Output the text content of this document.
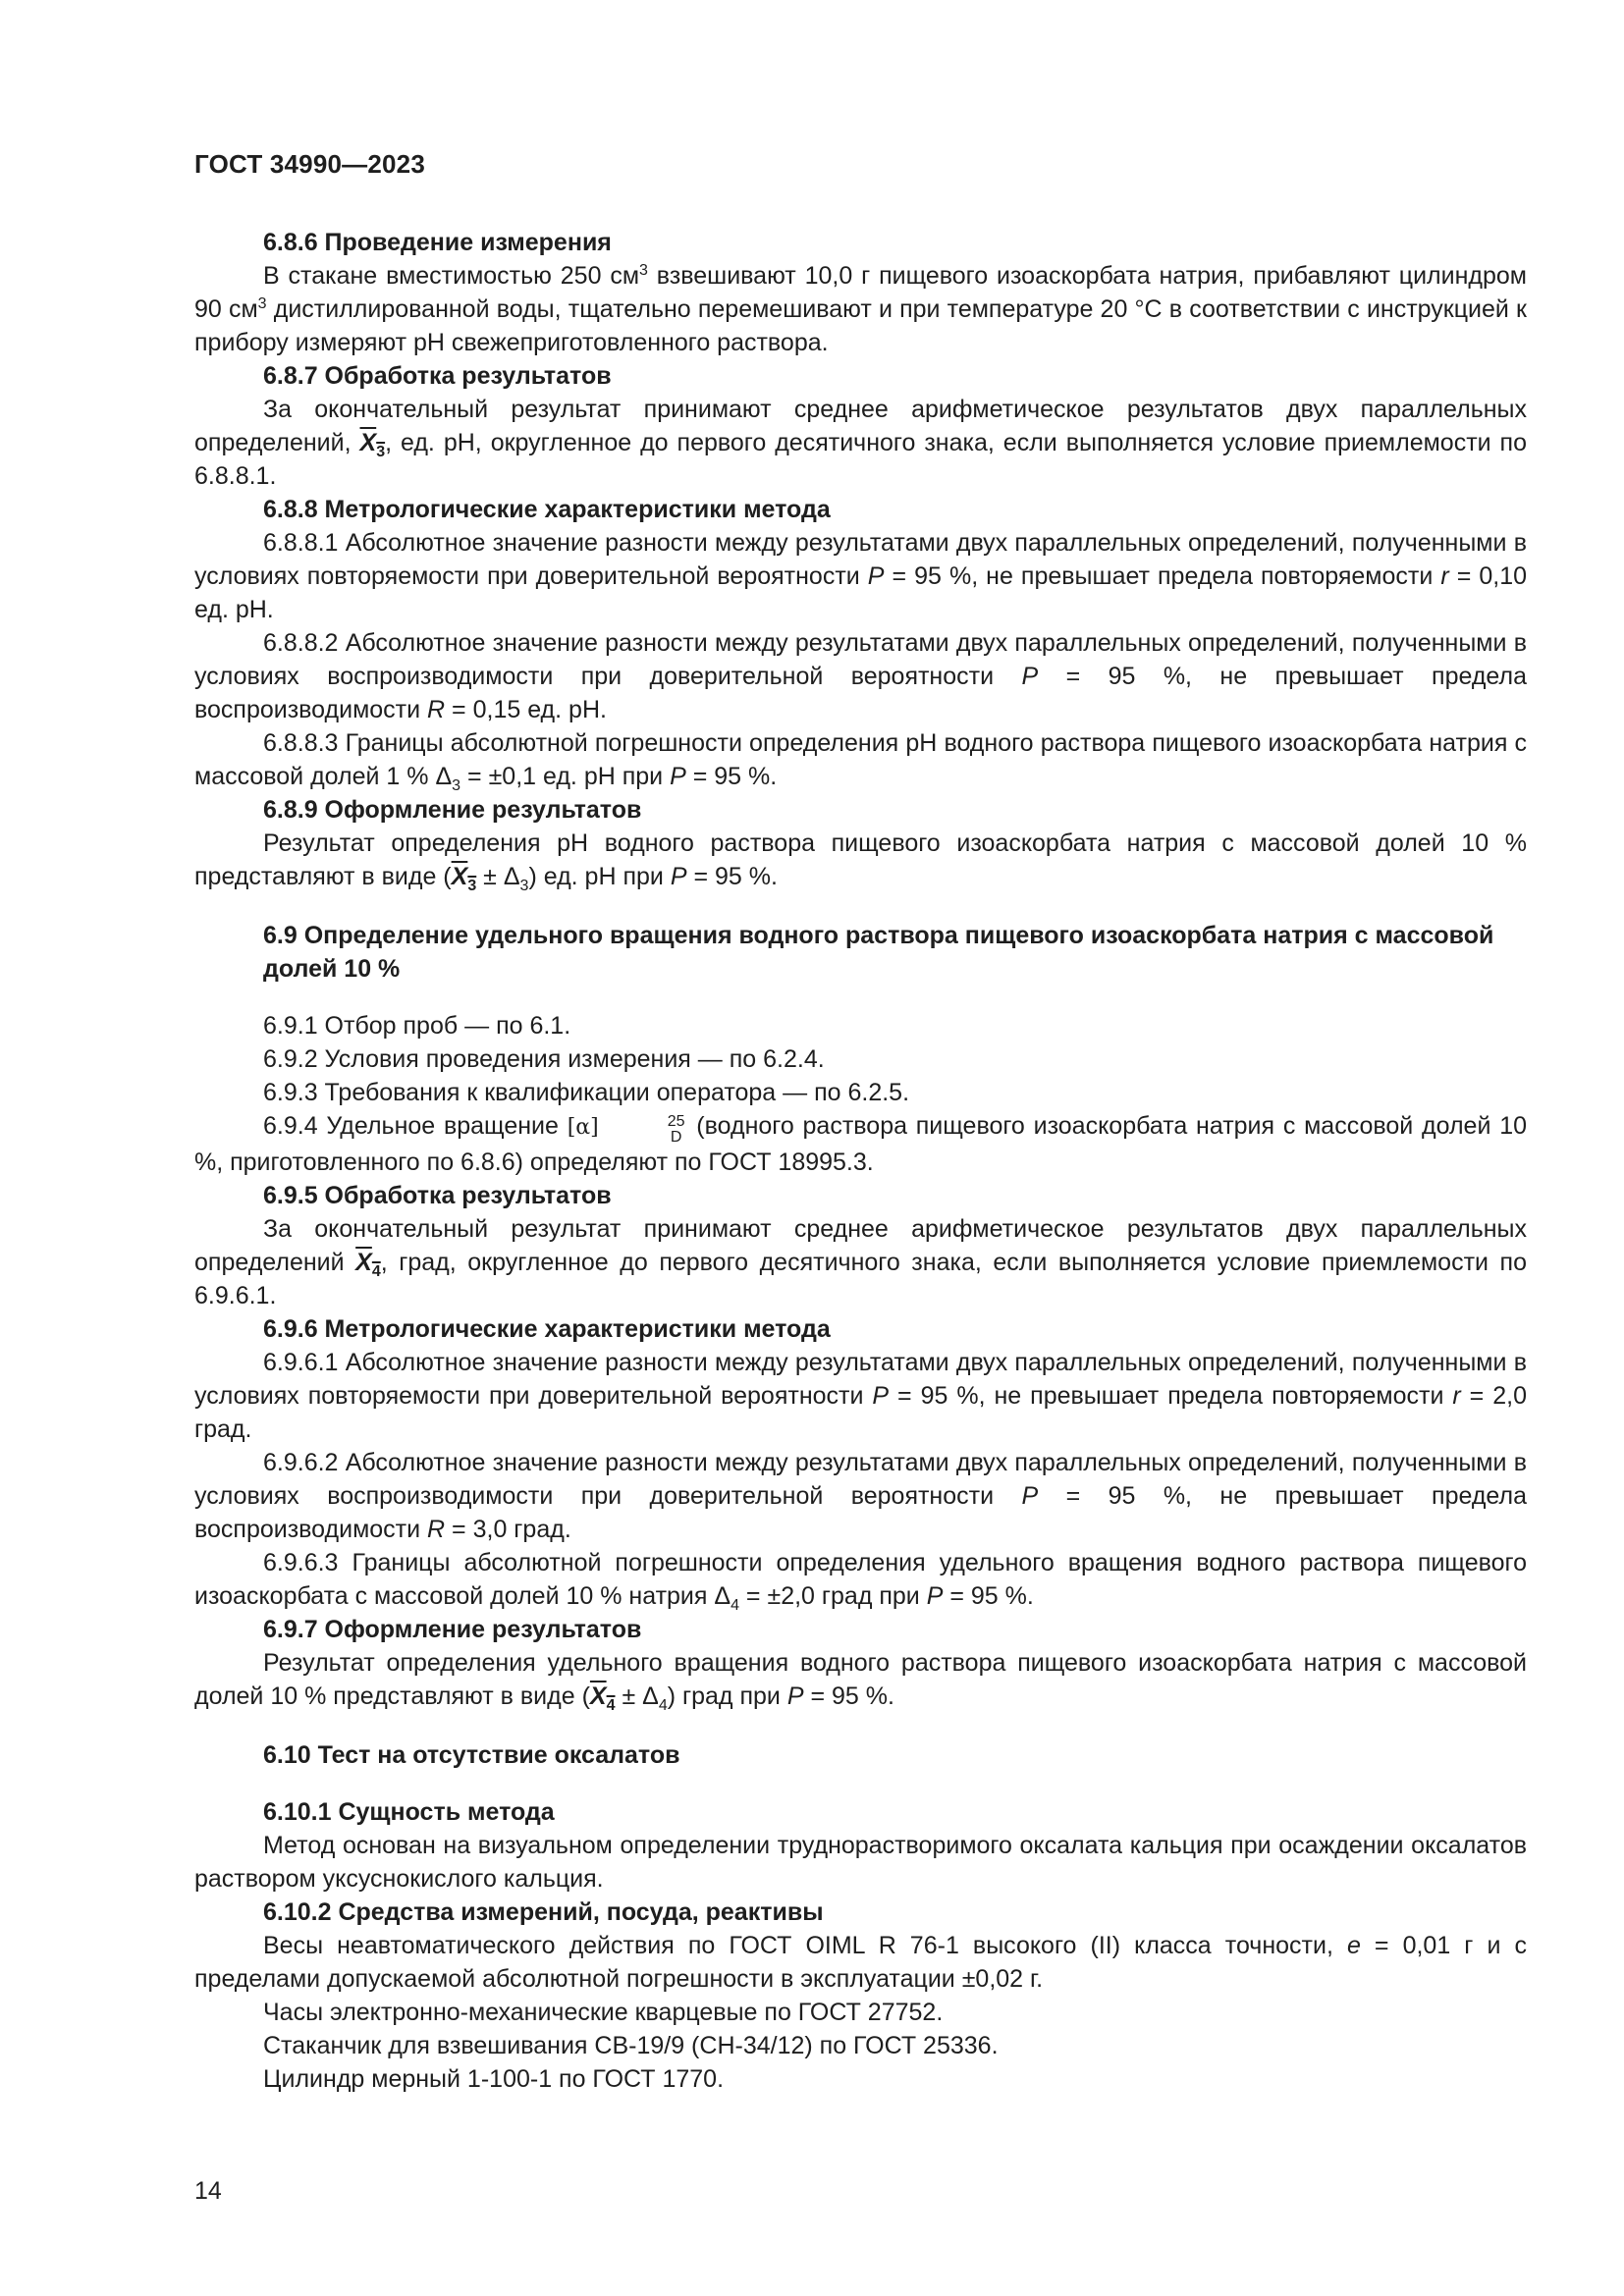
ГОСТ 34990—2023

6.8.6 Проведение измерения

В стакане вместимостью 250 $см^3$ взвешивают 10,0 г пищевого изоаскорбата натрия, прибавляют цилиндром 90 $см^3$ дистиллированной воды, тщательно перемешивают и при температуре 20 °С в соответствии с инструкцией к прибору измеряют рН свежеприготовленного раствора.

6.8.7 Обработка результатов

За окончательный результат принимают среднее арифметическое результатов двух параллельных определений, $X_3$, ед. рН, округленное до первого десятичного знака, если выполняется условие приемлемости по 6.8.8.1.

6.8.8 Метрологические характеристики метода

6.8.8.1 Абсолютное значение разности между результатами двух параллельных определений, полученными в условиях повторяемости при доверительной вероятности P = 95 %, не превышает предела повторяемости r = 0,10 ед. рН.

6.8.8.2 Абсолютное значение разности между результатами двух параллельных определений, полученными в условиях воспроизводимости при доверительной вероятности P = 95 %, не превышает предела воспроизводимости R = 0,15 ед. рН.

6.8.8.3 Границы абсолютной погрешности определения рН водного раствора пищевого изоаскорбата натрия с массовой долей 1 % $\Delta_3 = \pm 0,1$ ед. рН при P = 95 %.

6.8.9 Оформление результатов

Результат определения рН водного раствора пищевого изоаскорбата натрия с массовой долей 10 % представляют в виде $(X_3 \pm \Delta_3)$ ед. рН при P = 95 %.

6.9 Определение удельного вращения водного раствора пищевого изоаскорбата натрия с массовой долей 10 %

6.9.1 Отбор проб — по 6.1.

6.9.2 Условия проведения измерения — по 6.2.4.

6.9.3 Требования к квалификации оператора — по 6.2.5.

6.9.4 Удельное вращение [α]	25
D (водного раствора пищевого изоаскорбата натрия с массовой долей 10 %, приготовленного по 6.8.6) определяют по ГОСТ 18995.3.

6.9.5 Обработка результатов

За окончательный результат принимают среднее арифметическое результатов двух параллельных определений $X_4$, град, округленное до первого десятичного знака, если выполняется условие приемлемости по 6.9.6.1.

6.9.6 Метрологические характеристики метода

6.9.6.1 Абсолютное значение разности между результатами двух параллельных определений, полученными в условиях повторяемости при доверительной вероятности P = 95 %, не превышает предела повторяемости r = 2,0 град.

6.9.6.2 Абсолютное значение разности между результатами двух параллельных определений, полученными в условиях воспроизводимости при доверительной вероятности P = 95 %, не превышает предела воспроизводимости R = 3,0 град.

6.9.6.3 Границы абсолютной погрешности определения удельного вращения водного раствора пищевого изоаскорбата с массовой долей 10 % натрия $\Delta_4 = \pm 2,0$ град при P = 95 %.

6.9.7 Оформление результатов

Результат определения удельного вращения водного раствора пищевого изоаскорбата натрия с массовой долей 10 % представляют в виде $(X_4 \pm \Delta_4)$ град при P = 95 %.

6.10 Тест на отсутствие оксалатов

6.10.1 Сущность метода

Метод основан на визуальном определении труднорастворимого оксалата кальция при осаждении оксалатов раствором уксуснокислого кальция.

6.10.2 Средства измерений, посуда, реактивы

Весы неавтоматического действия по ГОСТ OIML R 76-1 высокого (II) класса точности, е = 0,01 г и с пределами допускаемой абсолютной погрешности в эксплуатации ±0,02 г.

Часы электронно-механические кварцевые по ГОСТ 27752.

Стаканчик для взвешивания СВ-19/9 (СН-34/12) по ГОСТ 25336.

Цилиндр мерный 1-100-1 по ГОСТ 1770.

14
